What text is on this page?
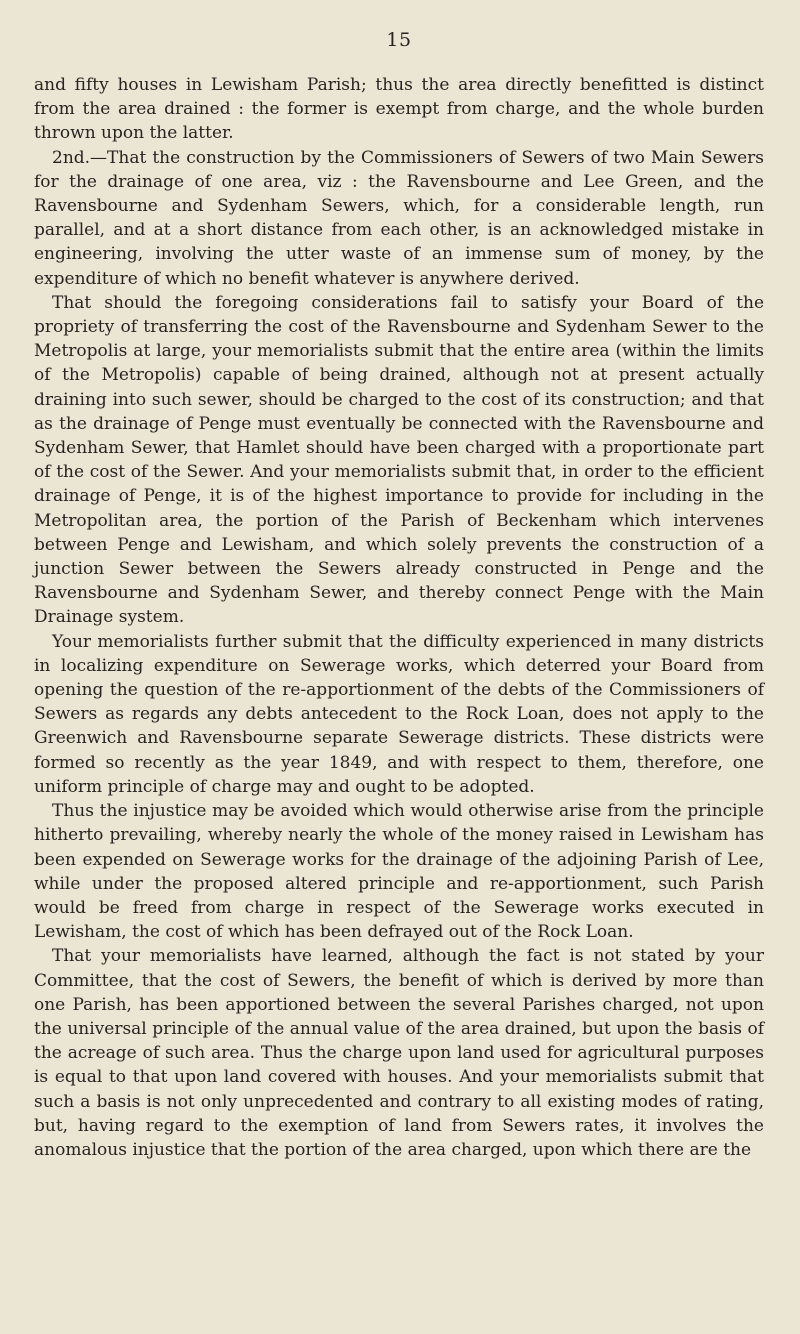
15

and fifty houses in Lewisham Parish; thus the area directly benefitted is distinct from the area drained : the former is exempt from charge, and the whole burden thrown upon the latter.

2nd.—That the construction by the Commissioners of Sewers of two Main Sewers for the drainage of one area, viz : the Ravensbourne and Lee Green, and the Ravensbourne and Sydenham Sewers, which, for a considerable length, run parallel, and at a short distance from each other, is an acknowledged mistake in engineering, involving the utter waste of an immense sum of money, by the expenditure of which no benefit whatever is anywhere derived.

That should the foregoing considerations fail to satisfy your Board of the propriety of transferring the cost of the Ravensbourne and Sydenham Sewer to the Metropolis at large, your memorialists submit that the entire area (within the limits of the Metropolis) capable of being drained, although not at present actually draining into such sewer, should be charged to the cost of its construction; and that as the drainage of Penge must eventually be connected with the Ravensbourne and Sydenham Sewer, that Hamlet should have been charged with a proportionate part of the cost of the Sewer. And your memorialists submit that, in order to the efficient drainage of Penge, it is of the highest importance to provide for including in the Metropolitan area, the portion of the Parish of Beckenham which intervenes between Penge and Lewisham, and which solely prevents the construction of a junction Sewer between the Sewers already constructed in Penge and the Ravensbourne and Sydenham Sewer, and thereby connect Penge with the Main Drainage system.

Your memorialists further submit that the difficulty experienced in many districts in localizing expenditure on Sewerage works, which deterred your Board from opening the question of the re-apportionment of the debts of the Commissioners of Sewers as regards any debts antecedent to the Rock Loan, does not apply to the Greenwich and Ravensbourne separate Sewerage districts. These districts were formed so recently as the year 1849, and with respect to them, therefore, one uniform principle of charge may and ought to be adopted.

Thus the injustice may be avoided which would otherwise arise from the principle hitherto prevailing, whereby nearly the whole of the money raised in Lewisham has been expended on Sewerage works for the drainage of the adjoining Parish of Lee, while under the proposed altered principle and re-apportionment, such Parish would be freed from charge in respect of the Sewerage works executed in Lewisham, the cost of which has been defrayed out of the Rock Loan.

That your memorialists have learned, although the fact is not stated by your Committee, that the cost of Sewers, the benefit of which is derived by more than one Parish, has been apportioned between the several Parishes charged, not upon the universal principle of the annual value of the area drained, but upon the basis of the acreage of such area. Thus the charge upon land used for agricultural purposes is equal to that upon land covered with houses. And your memorialists submit that such a basis is not only unprecedented and contrary to all existing modes of rating, but, having regard to the exemption of land from Sewers rates, it involves the anomalous injustice that the portion of the area charged, upon which there are the
